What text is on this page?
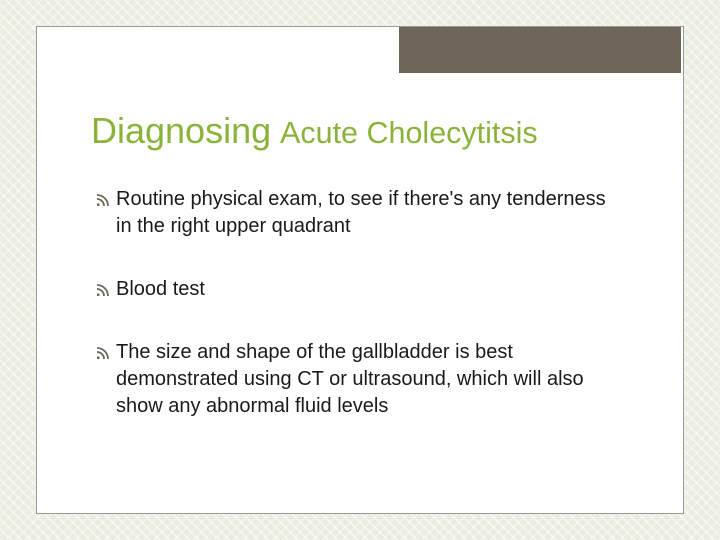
Diagnosing Acute Cholecytitsis
Routine physical exam, to see if there's any tenderness in the right upper quadrant
Blood test
The size and shape of the gallbladder is best demonstrated using CT or ultrasound, which will also show any abnormal fluid levels
